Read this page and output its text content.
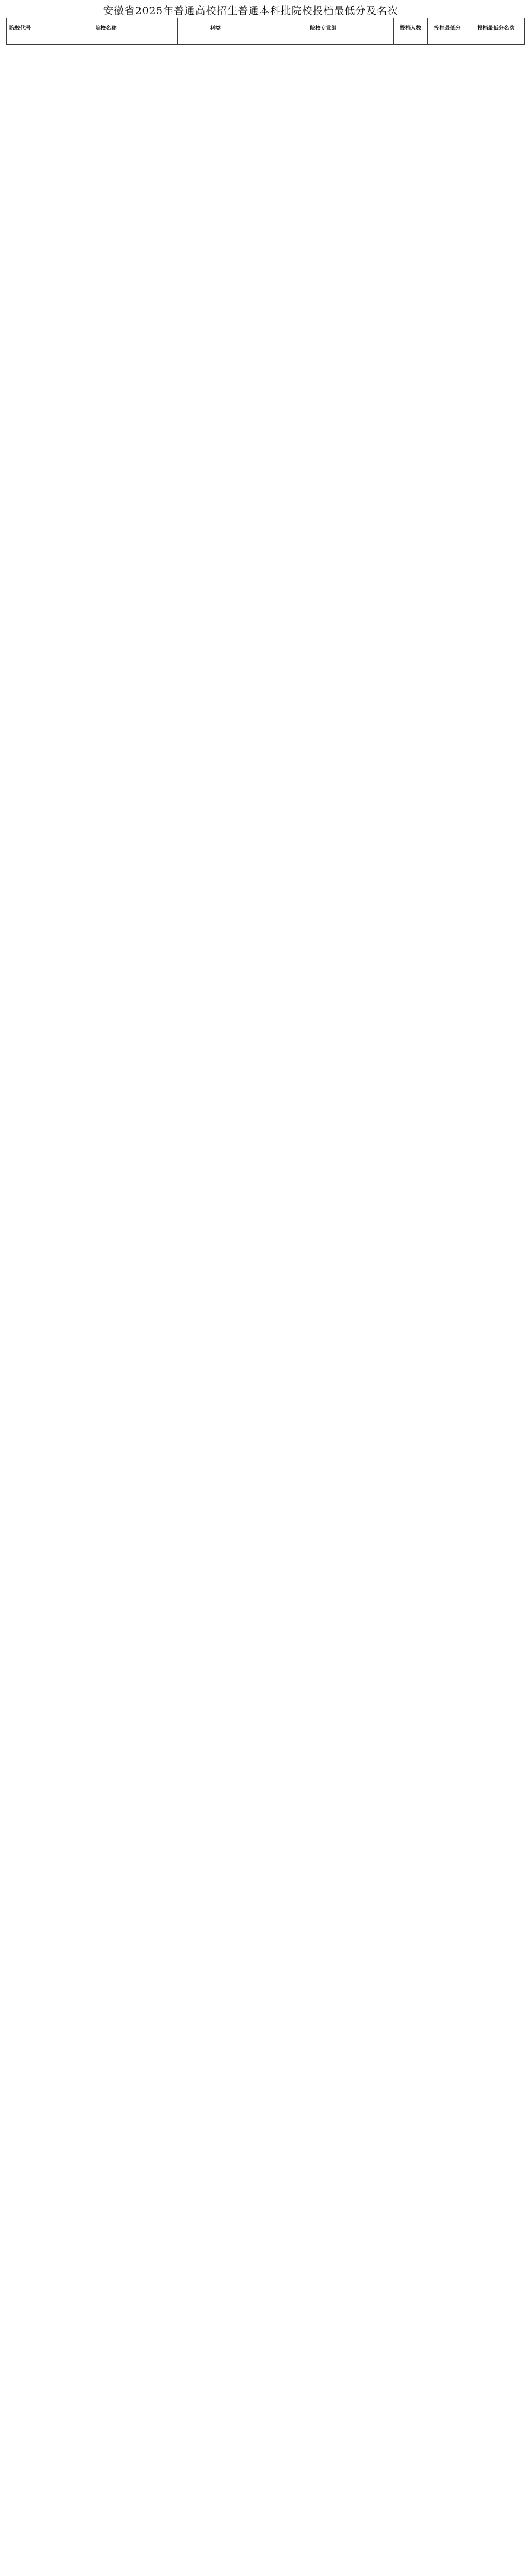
安徽省2025年普通高校招生普通本科批院校投档最低分及名次
院校代号	院校名称	科类	院校专业组	投档人数	投档最低分	投档最低分名次
